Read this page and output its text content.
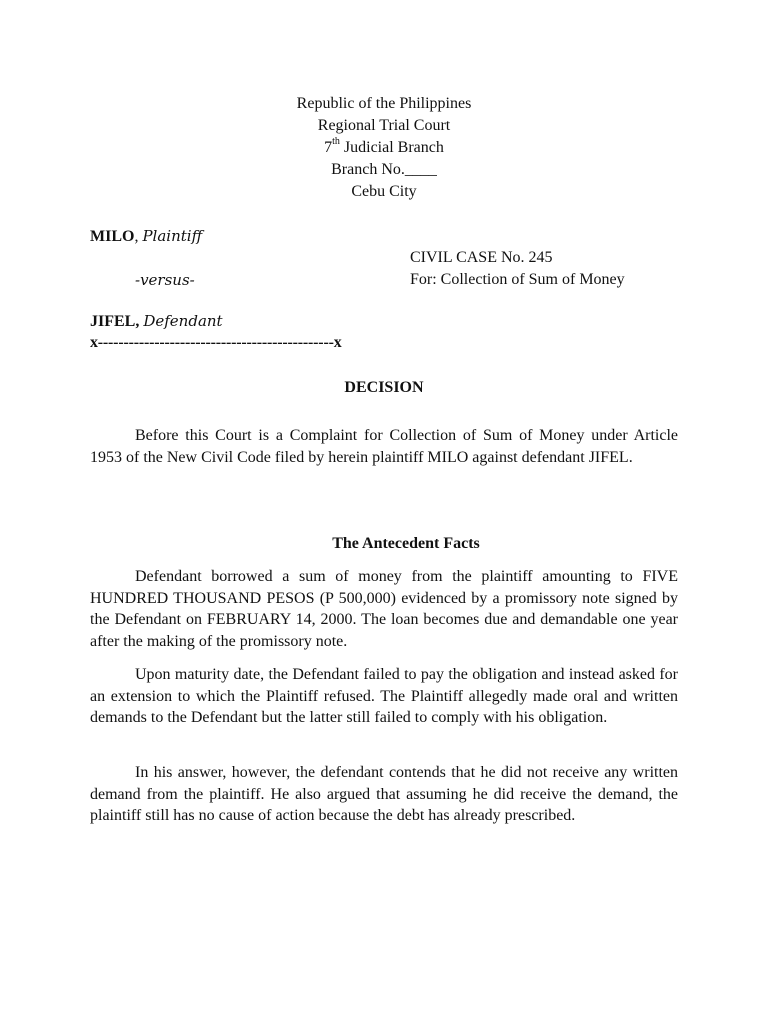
Republic of the Philippines
Regional Trial Court
7th Judicial Branch
Branch No.____
Cebu City
MILO, Plaintiff
CIVIL CASE No. 245
-versus-	For: Collection of Sum of Money
JIFEL, Defendant
x----------------------------------------------x
DECISION

Before this Court is a Complaint for Collection of Sum of Money under Article 1953 of the New Civil Code filed by herein plaintiff MILO against defendant JIFEL.

The Antecedent Facts

Defendant borrowed a sum of money from the plaintiff amounting to FIVE HUNDRED THOUSAND PESOS (P 500,000) evidenced by a promissory note signed by the Defendant on FEBRUARY 14, 2000. The loan becomes due and demandable one year after the making of the promissory note.

Upon maturity date, the Defendant failed to pay the obligation and instead asked for an extension to which the Plaintiff refused. The Plaintiff allegedly made oral and written demands to the Defendant but the latter still failed to comply with his obligation.

In his answer, however, the defendant contends that he did not receive any written demand from the plaintiff. He also argued that assuming he did receive the demand, the plaintiff still has no cause of action because the debt has already prescribed.
